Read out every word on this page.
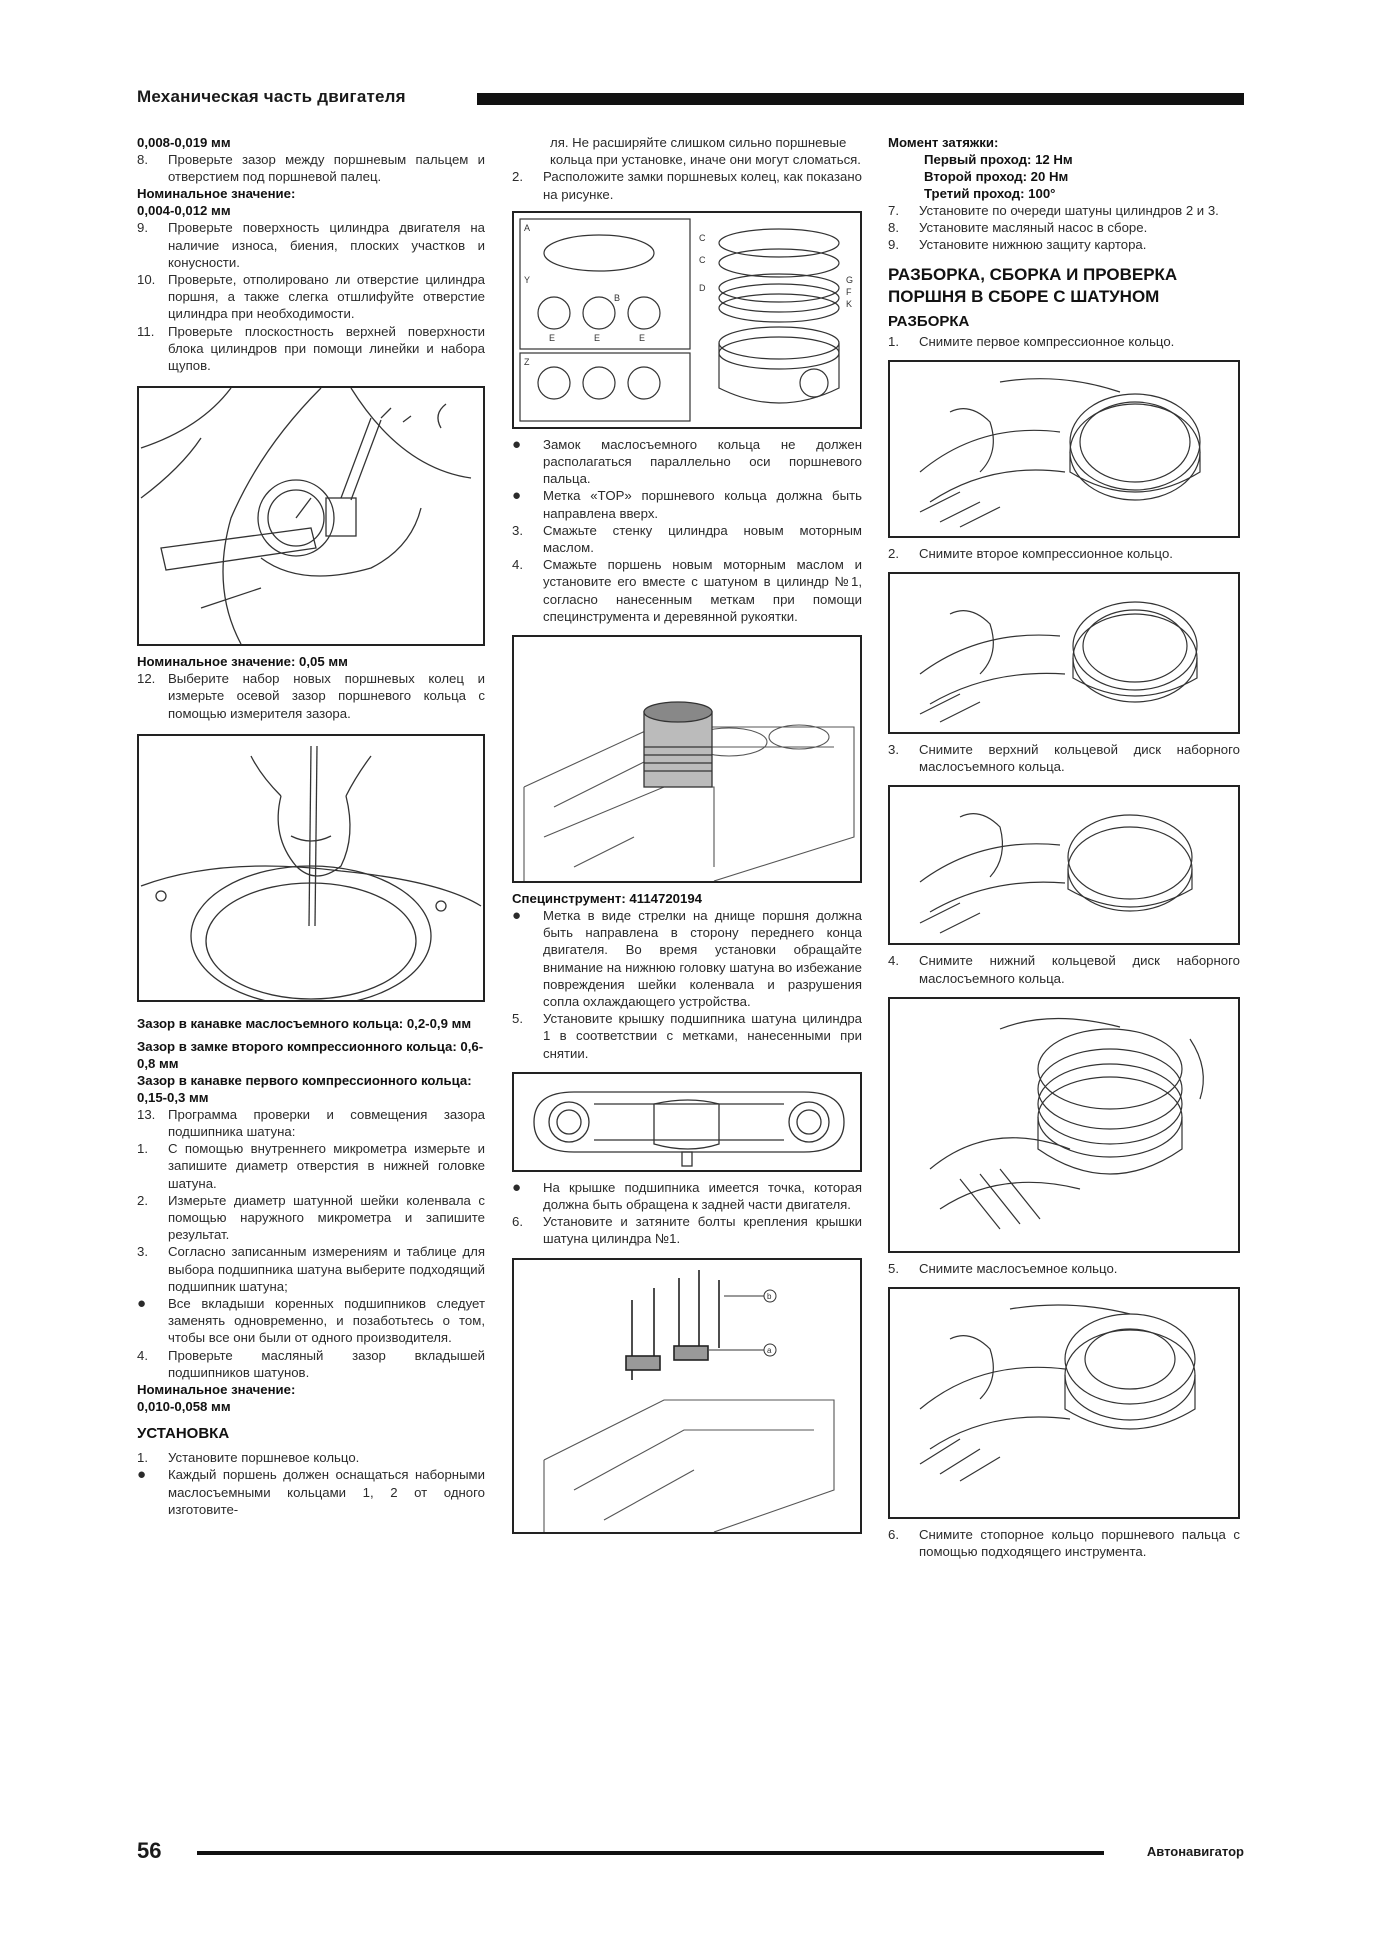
Механическая часть двигателя

0,008-0,019 мм

8.	Проверьте зазор между поршневым пальцем и отверстием под поршневой палец.

Номинальное значение:

0,004-0,012 мм

9.	Проверьте поверхность цилиндра двигателя на наличие износа, биения, плоских участков и конусности.
10. Проверьте, отполировано ли отверстие цилиндра поршня, а также слегка отшлифуйте отверстие цилиндра при необходимости.
11.	Проверьте плоскостность верхней поверхности блока цилиндров при помощи линейки и набора щупов.

Номинальное значение: 0,05 мм

12. Выберите набор новых поршневых колец и измерьте осевой зазор поршневого кольца с помощью измерителя зазора.

Зазор в канавке маслосъемного кольца: 0,2-0,9 мм

Зазор в замке второго компрессионного кольца: 0,6-0,8 мм

Зазор в канавке первого компрессионного кольца: 0,15-0,3 мм

13. Программа проверки и совмещения зазора подшипника шатуна:
1.	С помощью внутреннего микрометра измерьте и запишите диаметр отверстия в нижней головке шатуна.
2.	Измерьте диаметр шатунной шейки коленвала с помощью наружного микрометра и запишите результат.
3.	Согласно записанным измерениям и таблице для выбора подшипника шатуна выберите подходящий подшипник шатуна;
●	Все вкладыши коренных подшипников следует заменять одновременно, и позаботьтесь о том, чтобы все они были от одного производителя.
4.	Проверьте масляный зазор вкладышей подшипников шатунов.

Номинальное значение:

0,010-0,058 мм

УСТАНОВКА

1.	Установите поршневое кольцо.
●	Каждый поршень должен оснащаться наборными маслосъемными кольцами 1, 2 от одного изготовите-

ля. Не расширяйте слишком сильно поршневые кольца при установке, иначе они могут сломаться.

2.	Расположите замки поршневых колец, как показано на рисунке.
A
Y
Z
C
C
D
E	E	E
B
G
F
K
●	Замок маслосъемного кольца не должен располагаться параллельно оси поршневого пальца.
●	Метка «TOP» поршневого кольца должна быть направлена вверх.
3.	Смажьте стенку цилиндра новым моторным маслом.
4.	Смажьте поршень новым моторным маслом и установите его вместе с шатуном в цилиндр №1, согласно нанесенным меткам при помощи специнструмента и деревянной рукоятки.

Специнструмент: 4114720194

●	Метка в виде стрелки на днище поршня должна быть направлена в сторону переднего конца двигателя. Во время установки обращайте внимание на нижнюю головку шатуна во избежание повреждения шейки коленвала и разрушения сопла охлаждающего устройства.
5.	Установите крышку подшипника шатуна цилиндра 1 в соответствии с метками, нанесенными при снятии.
●	На крышке подшипника имеется точка, которая должна быть обращена к задней части двигателя.
6.	Установите и затяните болты крепления крышки шатуна цилиндра №1.
b
a

Момент затяжки:

Первый проход: 12 Нм

Второй проход: 20 Нм

Третий проход: 100°

7.	Установите по очереди шатуны цилиндров 2 и 3.
8.	Установите масляный насос в сборе.
9.	Установите нижнюю защиту картора.

РАЗБОРКА, СБОРКА И ПРОВЕРКА ПОРШНЯ В СБОРЕ С ШАТУНОМ

РАЗБОРКА

1.	Снимите первое компрессионное кольцо.
2.	Снимите второе компрессионное кольцо.
3.	Снимите верхний кольцевой диск наборного маслосъемного кольца.
4.	Снимите нижний кольцевой диск наборного маслосъемного кольца.
5.	Снимите маслосъемное кольцо.
6.	Снимите стопорное кольцо поршневого пальца с помощью подходящего инструмента.
56	Автонавигатор
